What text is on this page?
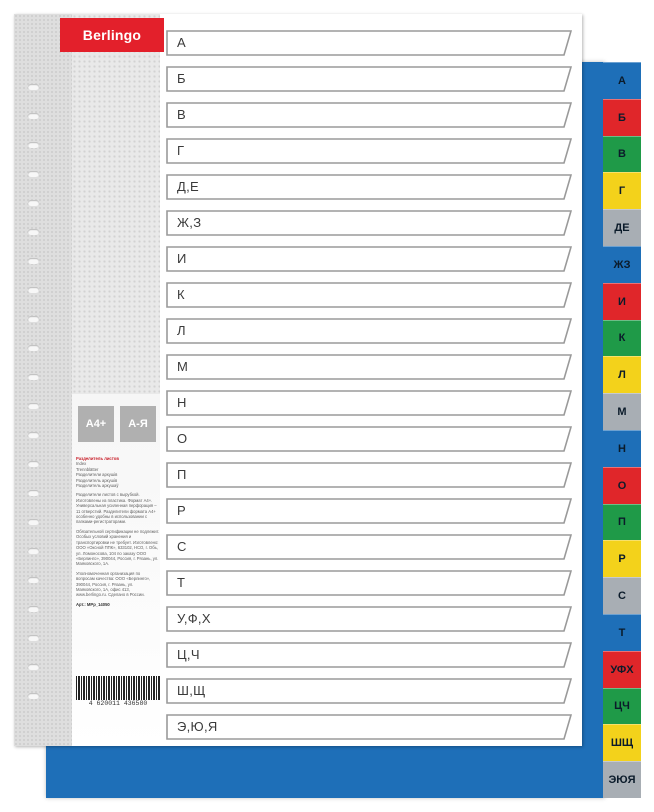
А
Б
В
Г
ДЕ
ЖЗ
И
К
Л
М
Н
О
П
Р
С
Т
УФХ
ЦЧ
ШЩ
ЭЮЯ
Berlingo
A4+	А-Я
Разделитель листов
Index
Trennblätter
Разделители аркушів
Разделитель аркушів
Разделитель аркушаў
Разделители листов с вырубкой. Изготовлены из пластика. Формат А4+. Универсальная усиленная перфорация – 11 отверстий. Разделители формата А4+ особенно удобны в использовании с папками-регистраторами.
Обязательной сертификации не подлежит. Особых условий хранения и транспортировки не требует. Изготовлено: ООО «Оксной ППК», 633102, НСО, г. Обь, ул. Ломоносова, 104 по заказу ООО «Берлинго», 390044, Россия, г. Рязань, ул. Маяковского, 1А.
Уполномоченная организация по вопросам качества: ООО «Берлинго», 390044, Россия, г. Рязань, ул. Маяковского, 1А, офис 413, www.berlingo.ru. Сделано в России.
Арт.: MPp_14050
4 620011 436580
А
Б
В
Г
Д,Е
Ж,З
И
К
Л
М
Н
О
П
Р
С
Т
У,Ф,Х
Ц,Ч
Ш,Щ
Э,Ю,Я
